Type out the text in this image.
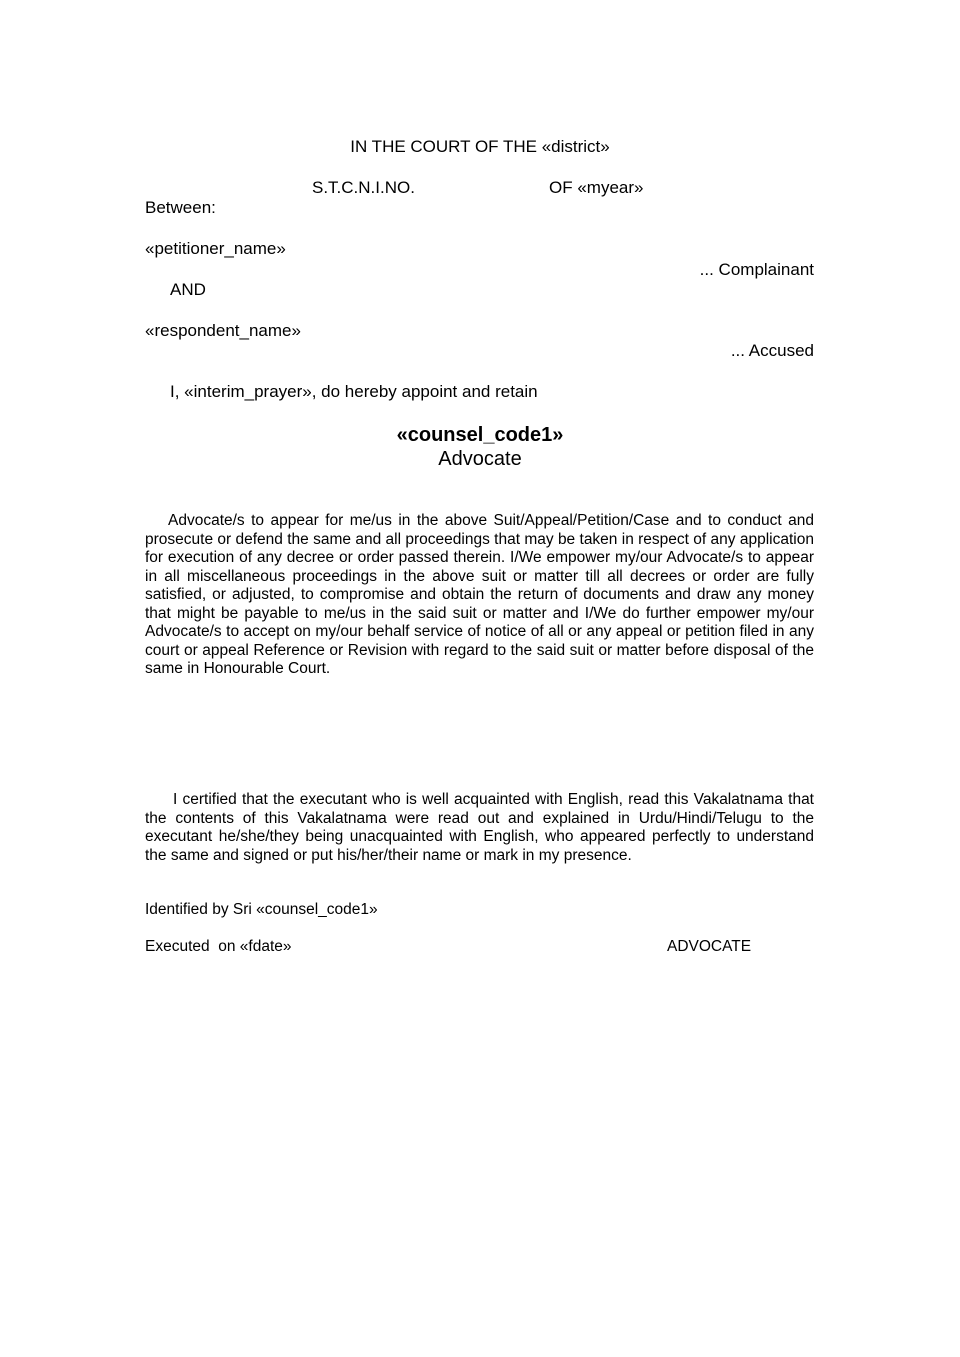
IN THE COURT OF THE «district»
S.T.C.N.I.NO.	OF «myear»
Between:
«petitioner_name»
... Complainant
AND
«respondent_name»
... Accused
I, «interim_prayer», do hereby appoint and retain
«counsel_code1»
Advocate
Advocate/s to appear for me/us in the above Suit/Appeal/Petition/Case and to conduct and prosecute or defend the same and all proceedings that may be taken in respect of any application for execution of any decree or order passed therein. I/We empower my/our Advocate/s to appear in all miscellaneous proceedings in the above suit or matter till all decrees or order are fully satisfied, or adjusted, to compromise and obtain the return of documents and draw any money that might be payable to me/us in the said suit or matter and I/We do further empower my/our Advocate/s to accept on my/our behalf service of notice of all or any appeal or petition filed in any court or appeal Reference or Revision with regard to the said suit or matter before disposal of the same in Honourable Court.
I certified that the executant who is well acquainted with English, read this Vakalatnama that the contents of this Vakalatnama were read out and explained in Urdu/Hindi/Telugu to the executant he/she/they being unacquainted with English, who appeared perfectly to understand the same and signed or put his/her/their name or mark in my presence.
Identified by Sri «counsel_code1»
Executed  on «fdate»	ADVOCATE
